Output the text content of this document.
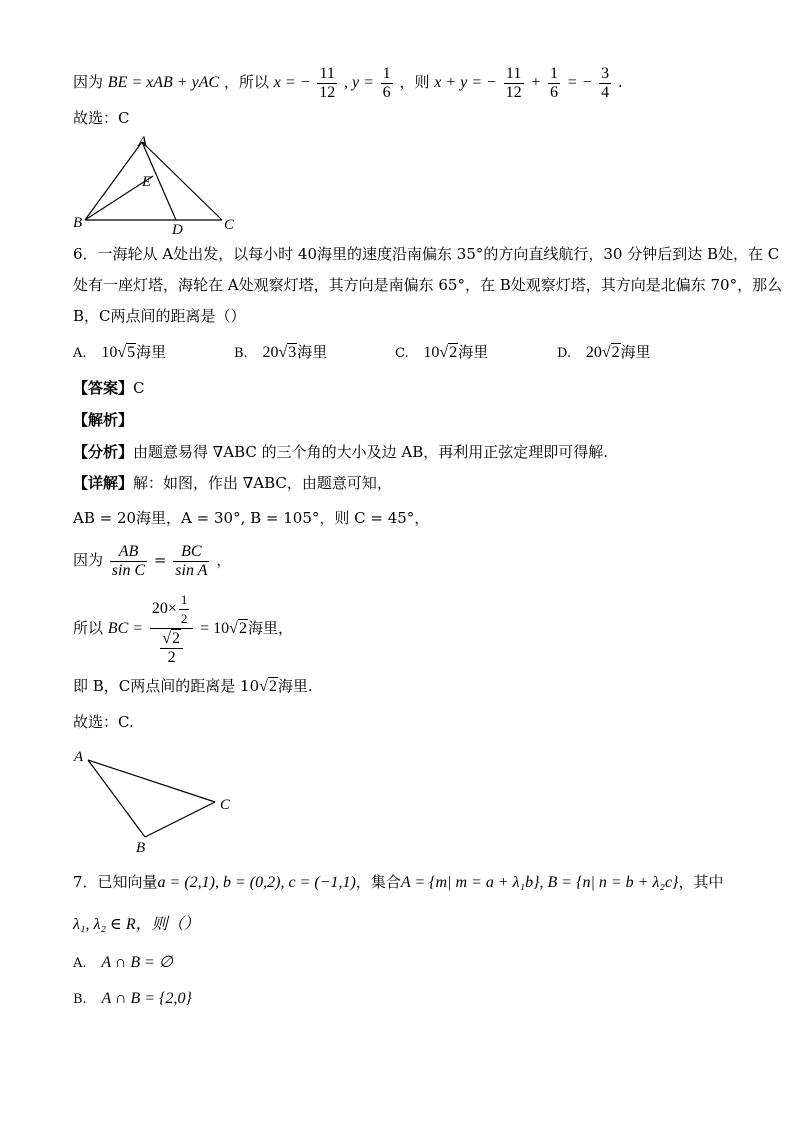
因为 BE = xAB + yAC ，所以 x = − $\frac{11}{12}$ , $y = \frac{1}{6}$ ，则 x + y = − $\frac{11}{12} + \frac{1}{6}$ = − $\frac{3}{4}$ .
故选：C
A
E
B	D	C
6．一海轮从 A处出发，以每小时 40海里的速度沿南偏东 35°的方向直线航行，30 分钟后到达 B处，在 C
处有一座灯塔，海轮在 A处观察灯塔，其方向是南偏东 65°，在 B处观察灯塔，其方向是北偏东 70°，那么
B，C两点间的距离是（）
A. 10√5海里	B. 20√3海里	C. 10√2海里	D. 20√2海里
【答案】C
【解析】
【分析】由题意易得 ∇ABC 的三个角的大小及边 AB，再利用正弦定理即可得解.
【详解】解：如图，作出 ∇ABC，由题意可知，
AB = 20海里，A = 30°, B = 105°，则 C = 45°，
因为 $\frac{AB}{\text{sin C}} = \frac{BC}{\text{sin A}}$ ，
所以 BC = $\frac{20\times \frac{1}{2}}{\frac{√2}{2}} = 10√2$海里，
即 B，C两点间的距离是 10√2海里.
故选：C.
A
C
B
7．已知向量a = (2,1), b = (0,2), c = (−1,1)，集合A = {m| m = a + λ₁b}, B = {n| n = b + λ₂c}，其中
λ₁, λ₂ ∈ R，则（）
A. A ∩ B = ∅
B. A ∩ B = {2,0}
